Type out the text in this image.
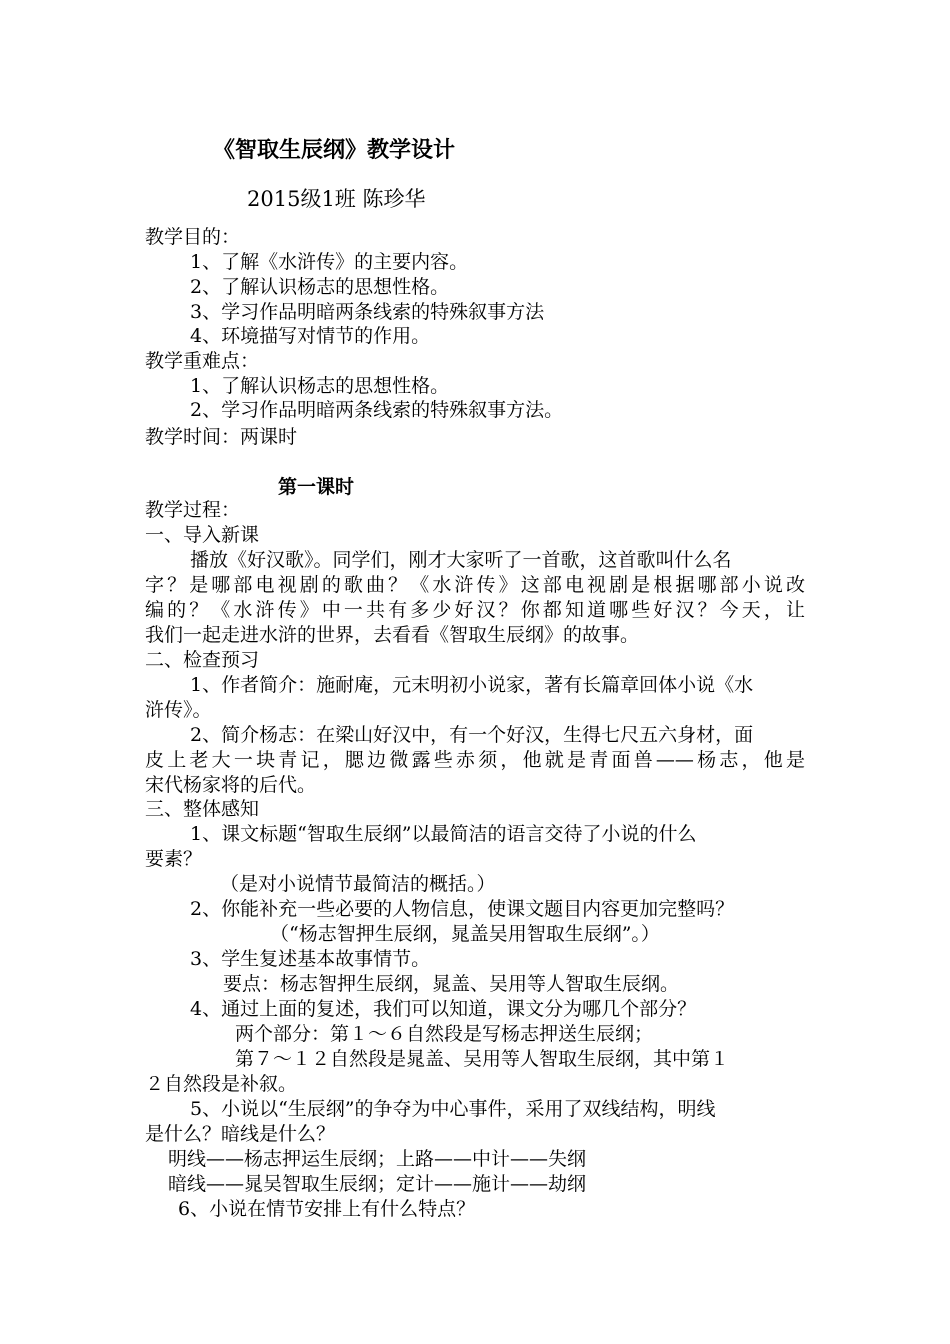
《智取生辰纲》教学设计
2015级1班 陈珍华
教学目的：
1、了解《水浒传》的主要内容。
2、了解认识杨志的思想性格。
3、学习作品明暗两条线索的特殊叙事方法
4、环境描写对情节的作用。
教学重难点：
1、了解认识杨志的思想性格。
2、学习作品明暗两条线索的特殊叙事方法。
教学时间：两课时
第一课时
教学过程：
一、导入新课
播放《好汉歌》。同学们，刚才大家听了一首歌，这首歌叫什么名
字？是哪部电视剧的歌曲？《水浒传》这部电视剧是根据哪部小说改
编的？《水浒传》中一共有多少好汉？你都知道哪些好汉？今天，让
我们一起走进水浒的世界，去看看《智取生辰纲》的故事。
二、检查预习
1、作者简介：施耐庵，元末明初小说家，著有长篇章回体小说《水
浒传》。
2、简介杨志：在梁山好汉中，有一个好汉，生得七尺五六身材，面
皮上老大一块青记，腮边微露些赤须，他就是青面兽——杨志，他是
宋代杨家将的后代。
三、整体感知
1、课文标题“智取生辰纲”以最简洁的语言交待了小说的什么
要素？
（是对小说情节最简洁的概括。）
2、你能补充一些必要的人物信息，使课文题目内容更加完整吗？
（“杨志智押生辰纲，晁盖吴用智取生辰纲”。）
3、学生复述基本故事情节。
要点：杨志智押生辰纲，晁盖、吴用等人智取生辰纲。
4、通过上面的复述，我们可以知道，课文分为哪几个部分？
两个部分：第１～６自然段是写杨志押送生辰纲；
第７～１２自然段是晁盖、吴用等人智取生辰纲，其中第１
２自然段是补叙。
5、小说以“生辰纲”的争夺为中心事件，采用了双线结构，明线
是什么？暗线是什么？
明线——杨志押运生辰纲；上路——中计——失纲
暗线——晁吴智取生辰纲；定计——施计——劫纲
6、小说在情节安排上有什么特点？
